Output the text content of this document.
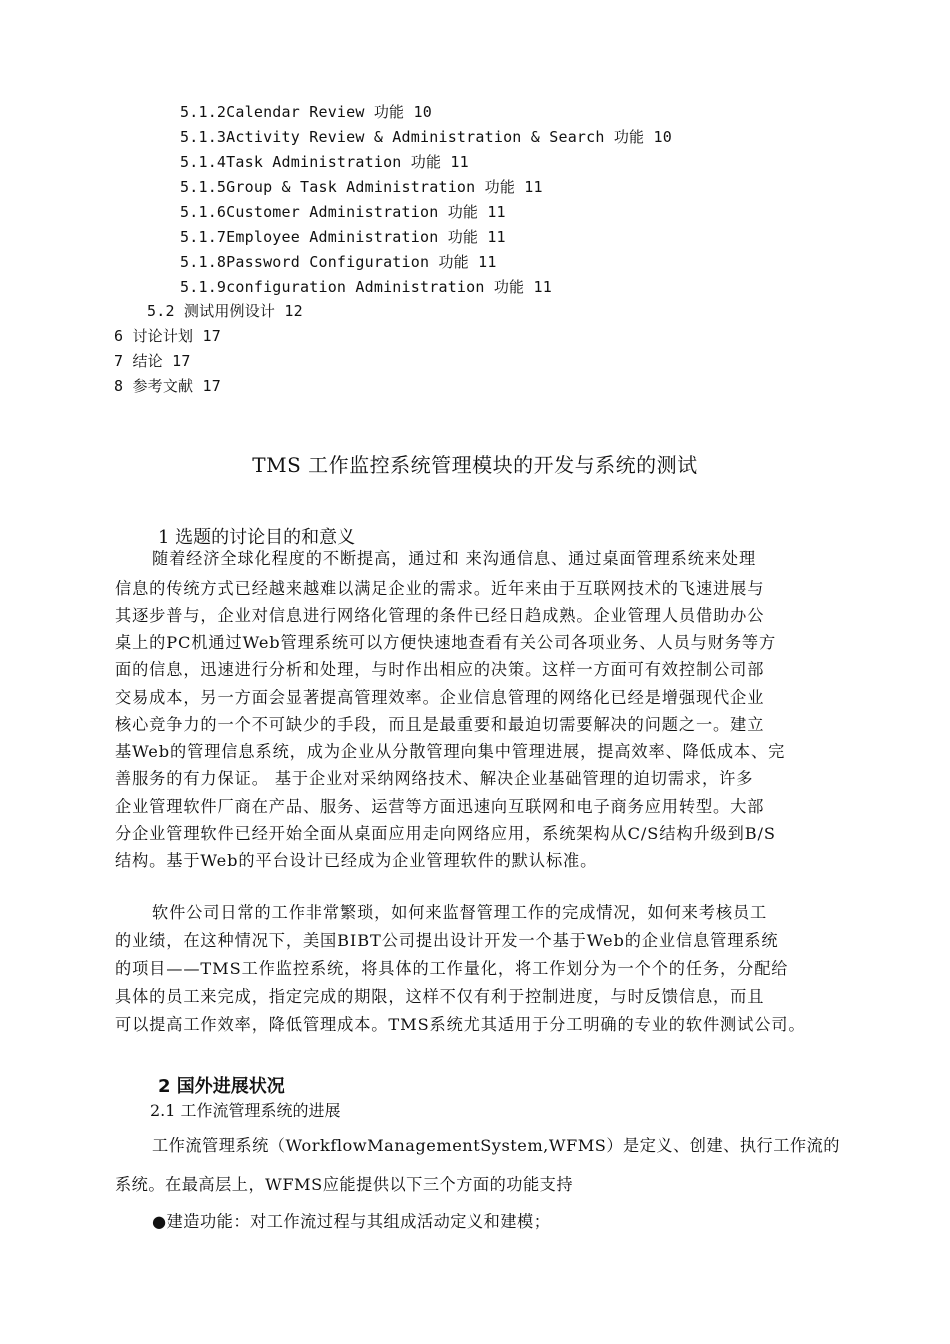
5.1.2Calendar Review 功能 10
5.1.3Activity Review & Administration & Search 功能 10
5.1.4Task Administration 功能 11
5.1.5Group & Task Administration 功能 11
5.1.6Customer Administration 功能 11
5.1.7Employee Administration 功能 11
5.1.8Password Configuration 功能 11
5.1.9configuration Administration 功能 11
5.2 测试用例设计 12
6 讨论计划 17
7 结论 17
8 参考文献 17
TMS 工作监控系统管理模块的开发与系统的测试
1 选题的讨论目的和意义
随着经济全球化程度的不断提高，通过和 来沟通信息、通过桌面管理系统来处理
信息的传统方式已经越来越难以满足企业的需求。近年来由于互联网技术的飞速进展与
其逐步普与，企业对信息进行网络化管理的条件已经日趋成熟。企业管理人员借助办公
桌上的PC机通过Web管理系统可以方便快速地查看有关公司各项业务、人员与财务等方
面的信息，迅速进行分析和处理，与时作出相应的决策。这样一方面可有效控制公司部
交易成本，另一方面会显著提高管理效率。企业信息管理的网络化已经是增强现代企业
核心竞争力的一个不可缺少的手段，而且是最重要和最迫切需要解决的问题之一。建立
基Web的管理信息系统，成为企业从分散管理向集中管理进展，提高效率、降低成本、完
善服务的有力保证。 基于企业对采纳网络技术、解决企业基础管理的迫切需求，许多
企业管理软件厂商在产品、服务、运营等方面迅速向互联网和电子商务应用转型。大部
分企业管理软件已经开始全面从桌面应用走向网络应用，系统架构从C/S结构升级到B/S
结构。基于Web的平台设计已经成为企业管理软件的默认标准。
软件公司日常的工作非常繁琐，如何来监督管理工作的完成情况，如何来考核员工
的业绩，在这种情况下，美国BIBT公司提出设计开发一个基于Web的企业信息管理系统
的项目——TMS工作监控系统，将具体的工作量化，将工作划分为一个个的任务，分配给
具体的员工来完成，指定完成的期限，这样不仅有利于控制进度，与时反馈信息，而且
可以提高工作效率，降低管理成本。TMS系统尤其适用于分工明确的专业的软件测试公司。
2 国外进展状况
2.1 工作流管理系统的进展
工作流管理系统（WorkflowManagementSystem,WFMS）是定义、创建、执行工作流的
系统。在最高层上，WFMS应能提供以下三个方面的功能支持
●建造功能：对工作流过程与其组成活动定义和建模；
